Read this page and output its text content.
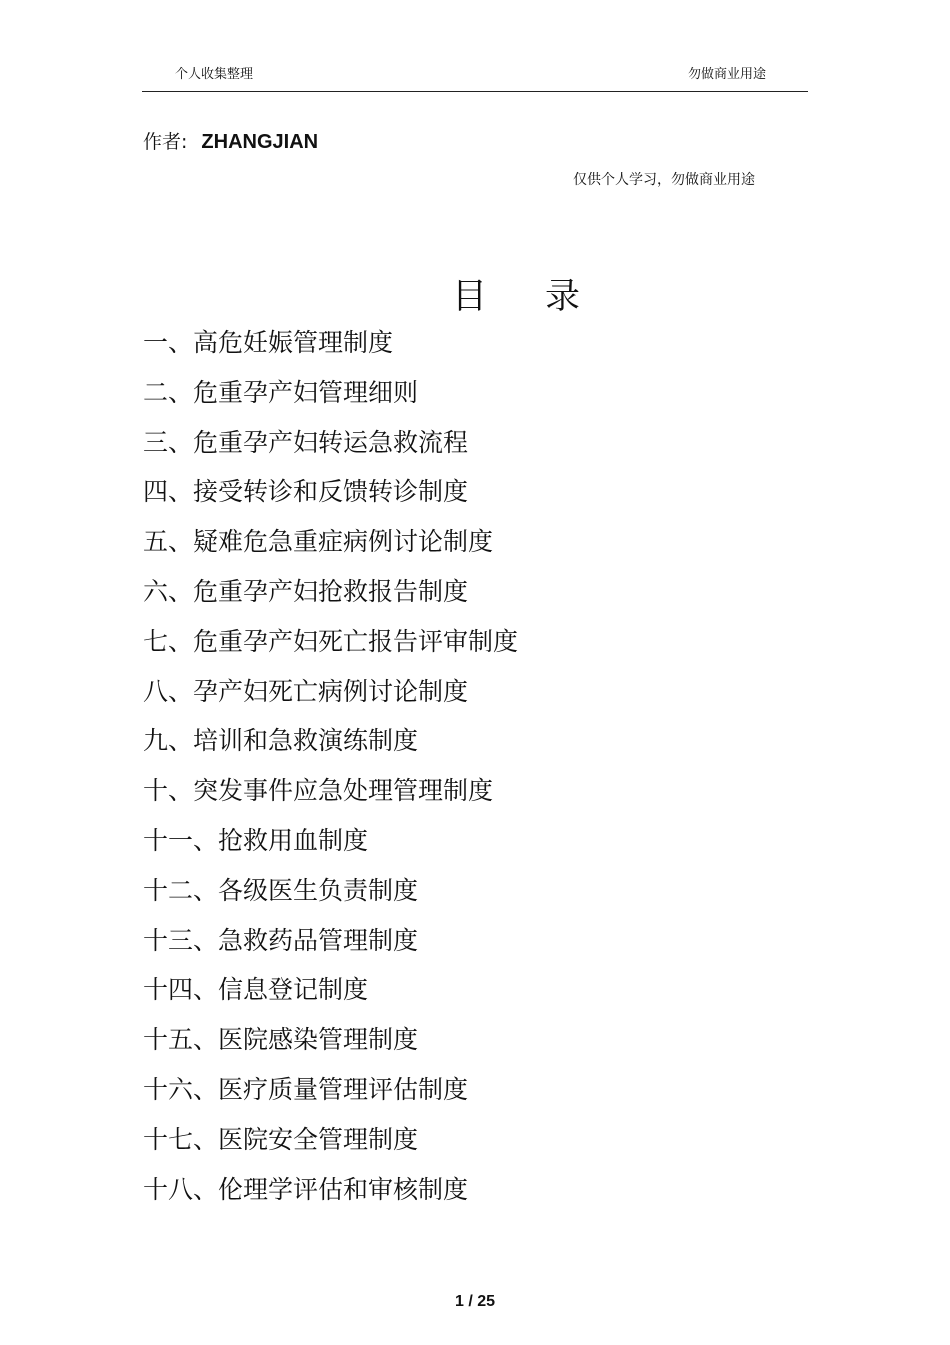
个人收集整理	勿做商业用途
作者: ZHANGJIAN
仅供个人学习，勿做商业用途
目录
一、高危妊娠管理制度
二、危重孕产妇管理细则
三、危重孕产妇转运急救流程
四、接受转诊和反馈转诊制度
五、疑难危急重症病例讨论制度
六、危重孕产妇抢救报告制度
七、危重孕产妇死亡报告评审制度
八、孕产妇死亡病例讨论制度
九、培训和急救演练制度
十、突发事件应急处理管理制度
十一、抢救用血制度
十二、各级医生负责制度
十三、急救药品管理制度
十四、信息登记制度
十五、医院感染管理制度
十六、医疗质量管理评估制度
十七、医院安全管理制度
十八、伦理学评估和审核制度
1 / 25
